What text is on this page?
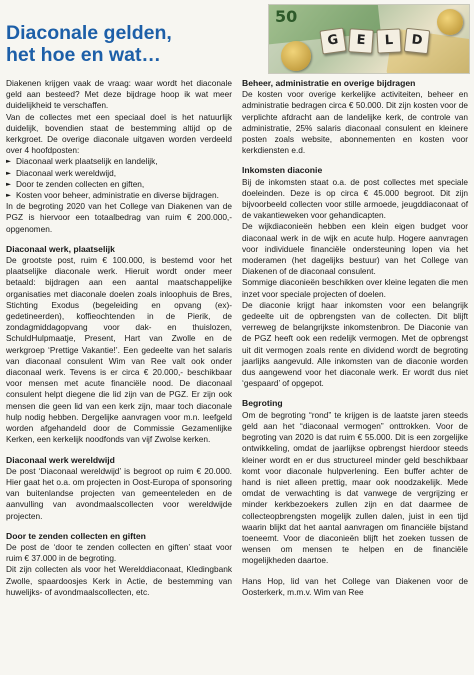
Diaconale gelden,
het hoe en wat…
50
G	E	L	D

Diakenen krijgen vaak de vraag: waar wordt het diaconale geld aan besteed? Met deze bijdrage hoop ik wat meer duidelijkheid te verschaffen.

Van de collectes met een speciaal doel is het natuurlijk duidelijk, bovendien staat de bestemming altijd op de kerkgroet. De overige diaconale uitgaven worden verdeeld over 4 hoofdposten:

► Diaconaal werk plaatselijk en landelijk,
► Diaconaal werk wereldwijd,
► Door te zenden collecten en giften,
► Kosten voor beheer, administratie en diverse bijdragen.

In de begroting 2020 van het College van Diakenen van de PGZ is hiervoor een totaalbedrag van ruim € 200.000,- opgenomen.

Diaconaal werk, plaatselijk

De grootste post, ruim € 100.000, is bestemd voor het plaatselijke diaconale werk. Hieruit wordt onder meer betaald: bijdragen aan een aantal maatschappelijke organisaties met diaconale doelen zoals inloophuis de Bres, Stichting Exodus (begeleiding en opvang (ex)-gedetineerden), koffieochtenden in de Pierik, de zondagmiddagopvang voor dak- en thuislozen, SchuldHulpmaatje, Present, Hart van Zwolle en de werkgroep ‘Prettige Vakantie!’. Een gedeelte van het salaris van diaconaal consulent Wim van Ree valt ook onder diaconaal werk. Tevens is er circa € 20.000,- beschikbaar voor mensen met acute financiële nood. De diaconaal consulent helpt diegene die lid zijn van de PGZ. Er zijn ook mensen die geen lid van een kerk zijn, maar toch diaconale hulp nodig hebben. Dergelijke aanvragen voor m.n. leefgeld worden afgehandeld door de Commissie Gezamenlijke Kerken, een kerkelijk noodfonds van vijf Zwolse kerken.

Diaconaal werk wereldwijd

De post ‘Diaconaal wereldwijd’ is begroot op ruim € 20.000. Hier gaat het o.a. om projecten in Oost-Europa of sponsoring van buitenlandse projecten van gemeenteleden en de aanvulling van avondmaalscollecten voor wereldwijde projecten.

Door te zenden collecten en giften

De post de ‘door te zenden collecten en giften’ staat voor ruim € 37.000 in de begroting.

Dit zijn collecten als voor het Werelddiaconaat, Kledingbank Zwolle, spaardoosjes Kerk in Actie, de bestemming van huwelijks- of avondmaalscollecten, etc.

Beheer, administratie en overige bijdragen

De kosten voor overige kerkelijke activiteiten, beheer en administratie bedragen circa € 50.000. Dit zijn kosten voor de verplichte afdracht aan de landelijke kerk, de controle van administratie, 25% salaris diaconaal consulent en kleinere posten zoals website, abonnementen en kosten voor kerkdiensten e.d.

Inkomsten diaconie

Bij de inkomsten staat o.a. de post collectes met speciale doeleinden. Deze is op circa € 45.000 begroot. Dit zijn bijvoorbeeld collecten voor stille armoede, jeugddiaconaat of de vakantieweken voor gehandicapten.

De wijkdiaconieën hebben een klein eigen budget voor diaconaal werk in de wijk en acute hulp. Hogere aanvragen voor individuele financiële ondersteuning lopen via het moderamen (het dagelijks bestuur) van het College van Diakenen of de diaconaal consulent.

Sommige diaconieën beschikken over kleine legaten die men inzet voor speciale projecten of doelen.

De diaconie krijgt haar inkomsten voor een belangrijk gedeelte uit de opbrengsten van de collecten. Dit blijft verreweg de belangrijkste inkomstenbron. De Diaconie van de PGZ heeft ook een redelijk vermogen. Met de opbrengst uit dit vermogen zoals rente en dividend wordt de begroting jaarlijks aangevuld. Alle inkomsten van de diaconie worden dus aangewend voor het diaconale werk. Er wordt dus niet ‘gespaard’ of opgepot.

Begroting

Om de begroting “rond” te krijgen is de laatste jaren steeds geld aan het “diaconaal vermogen” onttrokken. Voor de begroting van 2020 is dat ruim € 55.000. Dit is een zorgelijke ontwikkeling, omdat de jaarlijkse opbrengst hierdoor steeds kleiner wordt en er dus structureel minder geld beschikbaar komt voor diaconale hulpverlening. Een buffer achter de hand is niet alleen prettig, maar ook noodzakelijk. Mede omdat de verwachting is dat vanwege de vergrijzing er minder kerkbezoekers zullen zijn en dat daarmee de collecteopbrengsten mogelijk zullen dalen, juist in een tijd waarin blijkt dat het aantal aanvragen om financiële bijstand toeneemt. Voor de diaconieën blijft het zoeken tussen de wensen om mensen te helpen en de financiële mogelijkheden daartoe.

Hans Hop, lid van het College van Diakenen voor de Oosterkerk, m.m.v. Wim van Ree
